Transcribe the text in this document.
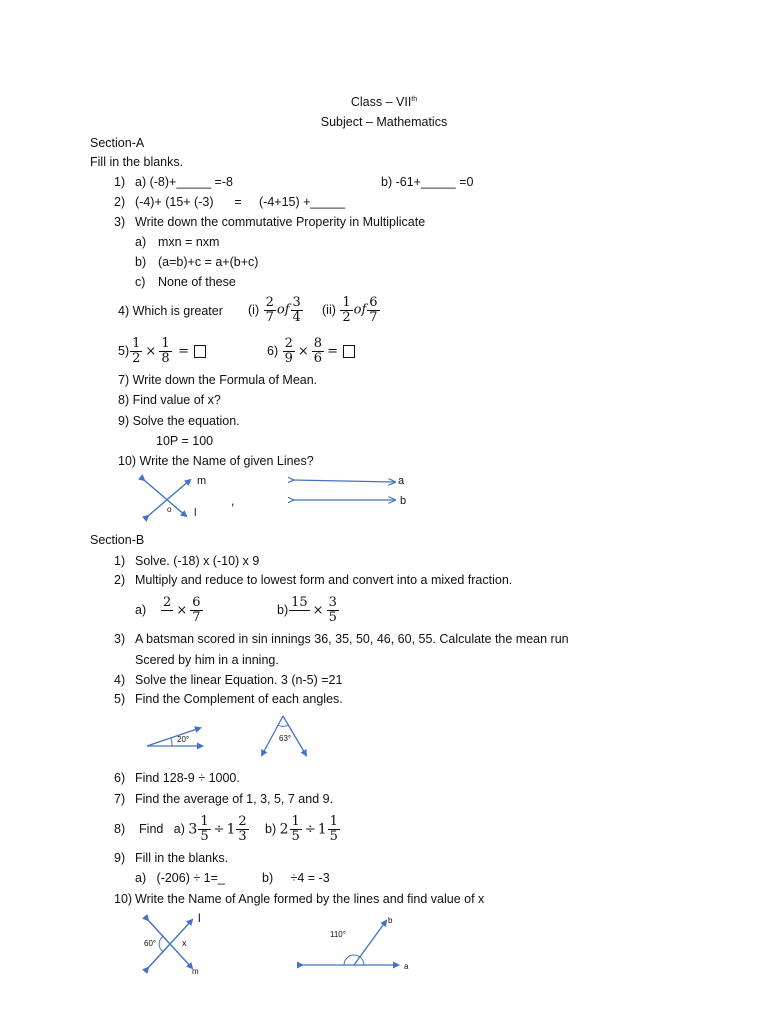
Class – VIIth
Subject – Mathematics
Section-A
Fill in the blanks.
1) a) (-8)+_____ =-8	b) -61+_____ =0
2) (-4)+ (15+ (-3)      =     (-4+15) +_____
3) Write down the commutative Properity in Multiplicate
a) mxn = nxm
b) (a=b)+c = a+(b+c)
c) None of these
4) Which is greater $(i) \frac{2}{7}$ of $\frac{3}{4} (ii) \frac{1}{2}$ of $\frac{6}{7}$
$5) \frac{1}{2} \times \frac{1}{8}$ =	$6) \frac{2}{9} \times \frac{8}{6}$ =
7) Write down the Formula of Mean.
8) Find value of x?
9) Solve the equation.
10P = 100
10) Write the Name of given Lines?
m
o l
,
a
b
Section-B
1) Solve. (-18) x (-10) x 9
2) Multiply and reduce to lowest form and convert into a mixed fraction.
a) 2
× $\frac{6}{7}$	b) 15
× $\frac{3}{5}$
3) A batsman scored in sin innings 36, 35, 50, 46, 60, 55. Calculate the mean run
Scered by him in a inning.
4) Solve the linear Equation. 3 (n-5) =21
5) Find the Complement of each angles.
20°	63°
6) Find 128-9 ÷ 1000.
7) Find the average of 1, 3, 5, 7 and 9.
8) Find a) $3 \frac{1}{5} \div 1 \frac{2}{3} b$) $2 \frac{1}{5} \div 1 \frac{1}{5}$
9) Fill in the blanks.
a)   (-206) ÷ 1=_	b)     ÷4 = -3
10) Write the Name of Angle formed by the lines and find value of x
l
60°	x
m
b
110°
a
